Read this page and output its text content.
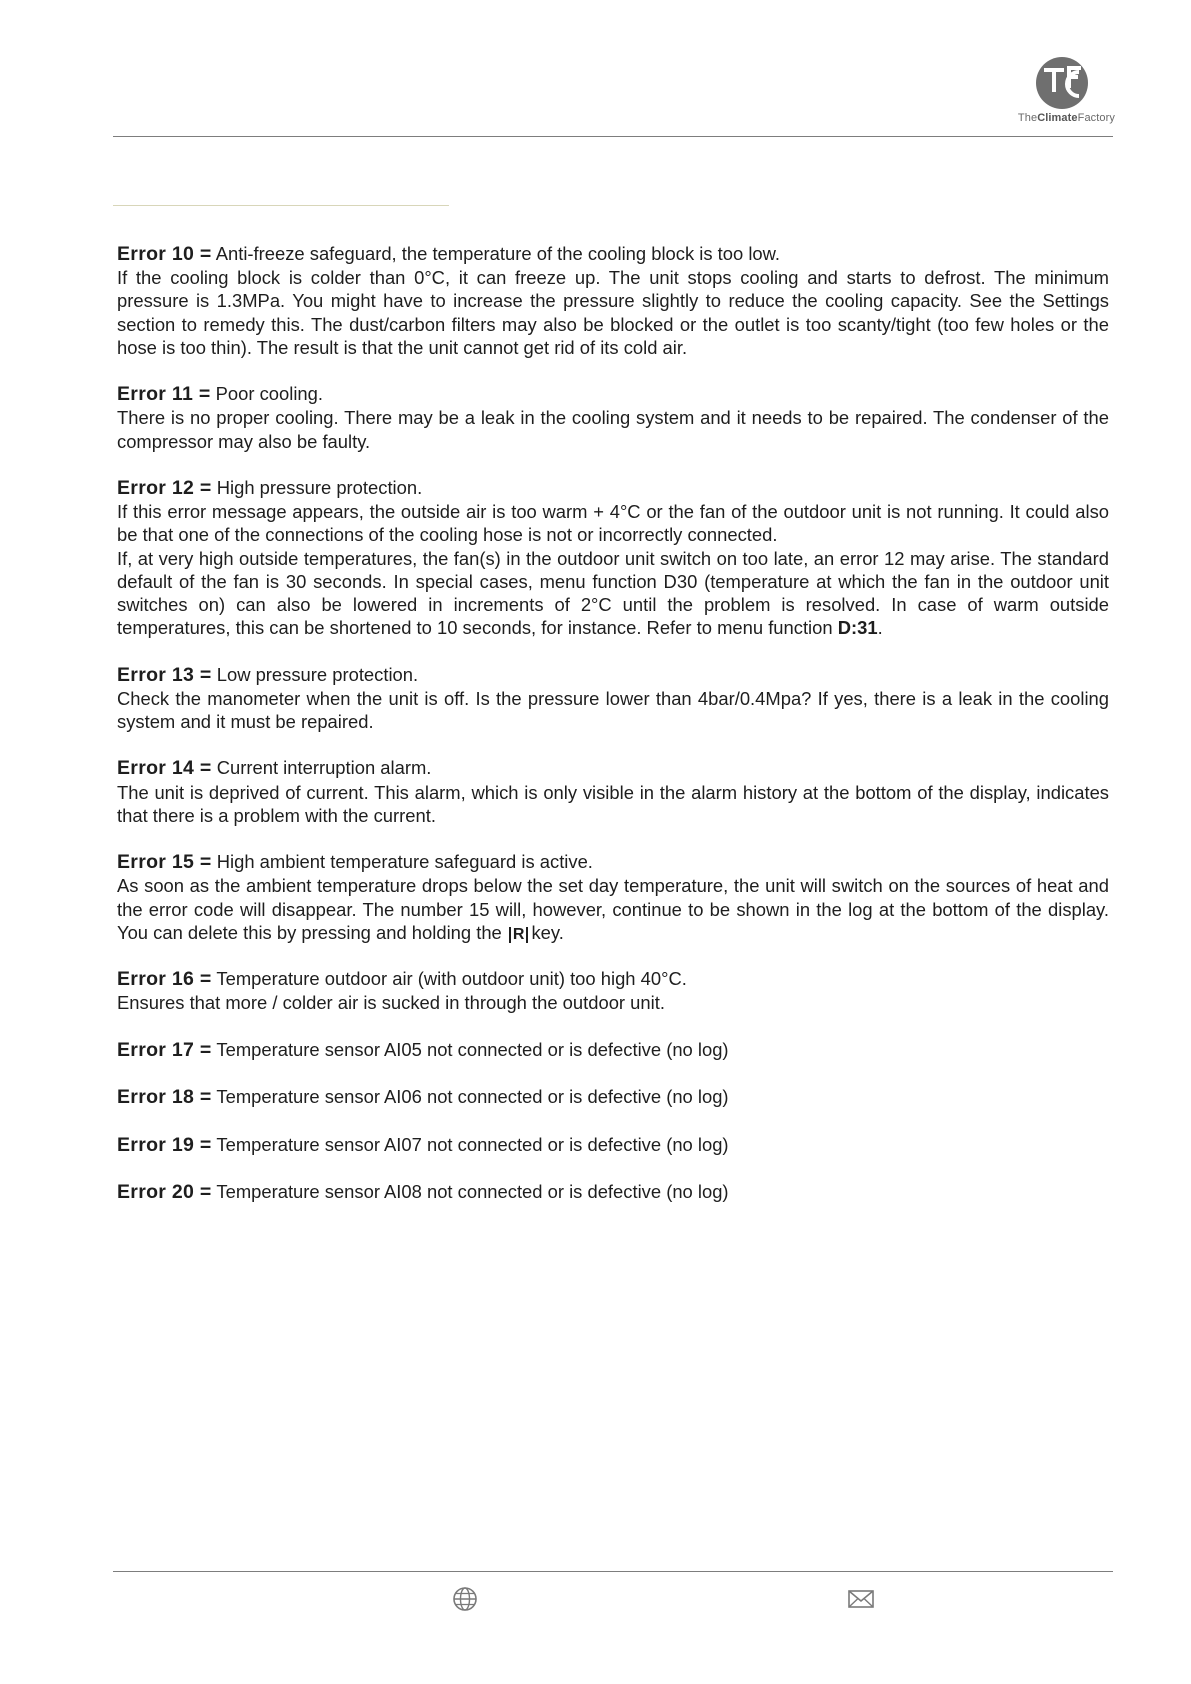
TheClimateFactory

Error 10 = Anti-freeze safeguard, the temperature of the cooling block is too low.

If the cooling block is colder than 0°C, it can freeze up. The unit stops cooling and starts to defrost. The minimum pressure is 1.3MPa. You might have to increase the pressure slightly to reduce the cooling capacity. See the Settings section to remedy this. The dust/carbon filters may also be blocked or the outlet is too scanty/tight (too few holes or the hose is too thin). The result is that the unit cannot get rid of its cold air.

Error 11 = Poor cooling.

There is no proper cooling. There may be a leak in the cooling system and it needs to be repaired. The condenser of the compressor may also be faulty.

Error 12 = High pressure protection.

If this error message appears, the outside air is too warm + 4°C or the fan of the outdoor unit is not running. It could also be that one of the connections of the cooling hose is not or incorrectly connected.

If, at very high outside temperatures, the fan(s) in the outdoor unit switch on too late, an error 12 may arise. The standard default of the fan is 30 seconds. In special cases, menu function D30 (temperature at which the fan in the outdoor unit switches on) can also be lowered in increments of 2°C until the problem is resolved. In case of warm outside temperatures, this can be shortened to 10 seconds, for instance. Refer to menu function D:31.

Error 13 = Low pressure protection.

Check the manometer when the unit is off. Is the pressure lower than 4bar/0.4Mpa? If yes, there is a leak in the cooling system and it must be repaired.

Error 14 = Current interruption alarm.

The unit is deprived of current. This alarm, which is only visible in the alarm history at the bottom of the display, indicates that there is a problem with the current.

Error 15 = High ambient temperature safeguard is active.

As soon as the ambient temperature drops below the set day temperature, the unit will switch on the sources of heat and the error code will disappear. The number 15 will, however, continue to be shown in the log at the bottom of the display. You can delete this by pressing and holding the R key.

Error 16 = Temperature outdoor air (with outdoor unit) too high 40°C.

Ensures that more / colder air is sucked in through the outdoor unit.

Error 17 = Temperature sensor AI05 not connected or is defective (no log)

Error 18 = Temperature sensor AI06 not connected or is defective (no log)

Error 19 = Temperature sensor AI07 not connected or is defective (no log)

Error 20 = Temperature sensor AI08 not connected or is defective (no log)
